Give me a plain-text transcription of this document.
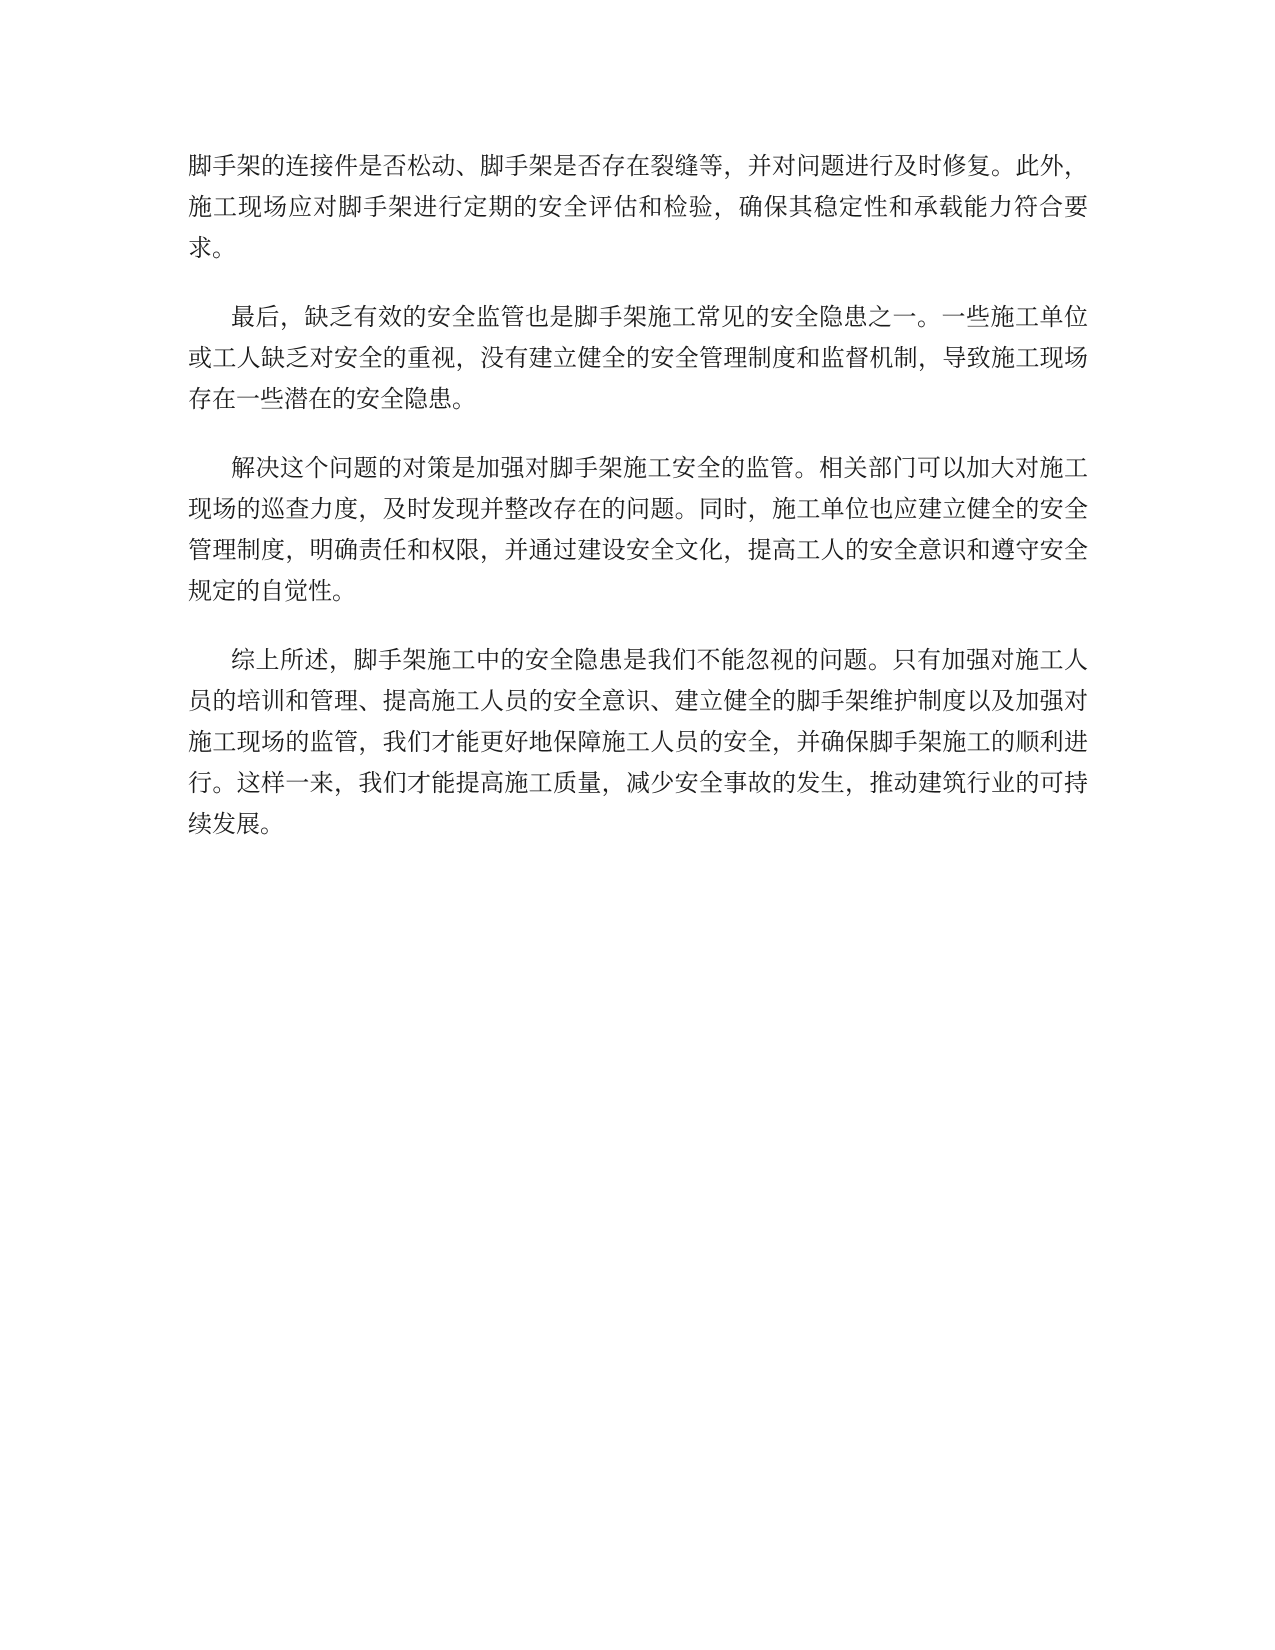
脚手架的连接件是否松动、脚手架是否存在裂缝等，并对问题进行及时修复。此外，施工现场应对脚手架进行定期的安全评估和检验，确保其稳定性和承载能力符合要求。

最后，缺乏有效的安全监管也是脚手架施工常见的安全隐患之一。一些施工单位或工人缺乏对安全的重视，没有建立健全的安全管理制度和监督机制，导致施工现场存在一些潜在的安全隐患。

解决这个问题的对策是加强对脚手架施工安全的监管。相关部门可以加大对施工现场的巡查力度，及时发现并整改存在的问题。同时，施工单位也应建立健全的安全管理制度，明确责任和权限，并通过建设安全文化，提高工人的安全意识和遵守安全规定的自觉性。

综上所述，脚手架施工中的安全隐患是我们不能忽视的问题。只有加强对施工人员的培训和管理、提高施工人员的安全意识、建立健全的脚手架维护制度以及加强对施工现场的监管，我们才能更好地保障施工人员的安全，并确保脚手架施工的顺利进行。这样一来，我们才能提高施工质量，减少安全事故的发生，推动建筑行业的可持续发展。
